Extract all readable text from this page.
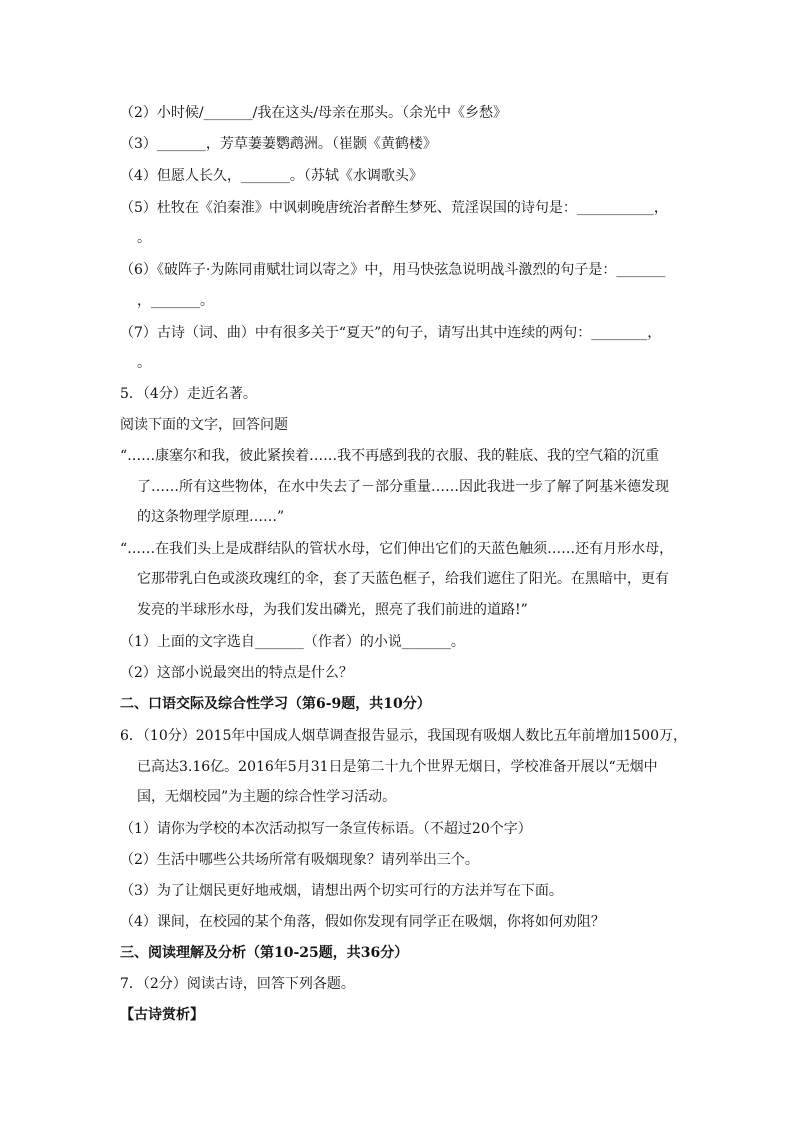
（2）小时候/_______/我在这头/母亲在那头。（余光中《乡愁》
（3）_______，芳草萋萋鹦鹉洲。（崔颢《黄鹤楼》
（4）但愿人长久，_______。（苏轼《水调歌头》
（5）杜牧在《泊秦淮》中讽刺晚唐统治者醉生梦死、荒淫误国的诗句是：___________，
。
（6）《破阵子·为陈同甫赋壮词以寄之》中，用马快弦急说明战斗激烈的句子是：_______
，_______。
（7）古诗（词、曲）中有很多关于“夏天”的句子，请写出其中连续的两句：________，
。
5．（4分）走近名著。
阅读下面的文字，回答问题
“……康塞尔和我，彼此紧挨着……我不再感到我的衣服、我的鞋底、我的空气箱的沉重
了……所有这些物体，在水中失去了－部分重量……因此我进一步了解了阿基米德发现
的这条物理学原理……”
“……在我们头上是成群结队的管状水母，它们伸出它们的天蓝色触须……还有月形水母，
它那带乳白色或淡玫瑰红的伞，套了天蓝色框子，给我们遮住了阳光。在黑暗中，更有
发亮的半球形水母，为我们发出磷光，照亮了我们前进的道路!”
（1）上面的文字选自_______（作者）的小说_______。
（2）这部小说最突出的特点是什么？
二、口语交际及综合性学习（第6-9题，共10分）
6．（10分）2015年中国成人烟草调查报告显示，我国现有吸烟人数比五年前增加1500万，
已高达3.16亿。2016年5月31日是第二十九个世界无烟日，学校准备开展以“无烟中
国，无烟校园”为主题的综合性学习活动。
（1）请你为学校的本次活动拟写一条宣传标语。（不超过20个字）
（2）生活中哪些公共场所常有吸烟现象？请列举出三个。
（3）为了让烟民更好地戒烟，请想出两个切实可行的方法并写在下面。
（4）课间，在校园的某个角落，假如你发现有同学正在吸烟，你将如何劝阻？
三、阅读理解及分析（第10-25题，共36分）
7．（2分）阅读古诗，回答下列各题。
【古诗赏析】
